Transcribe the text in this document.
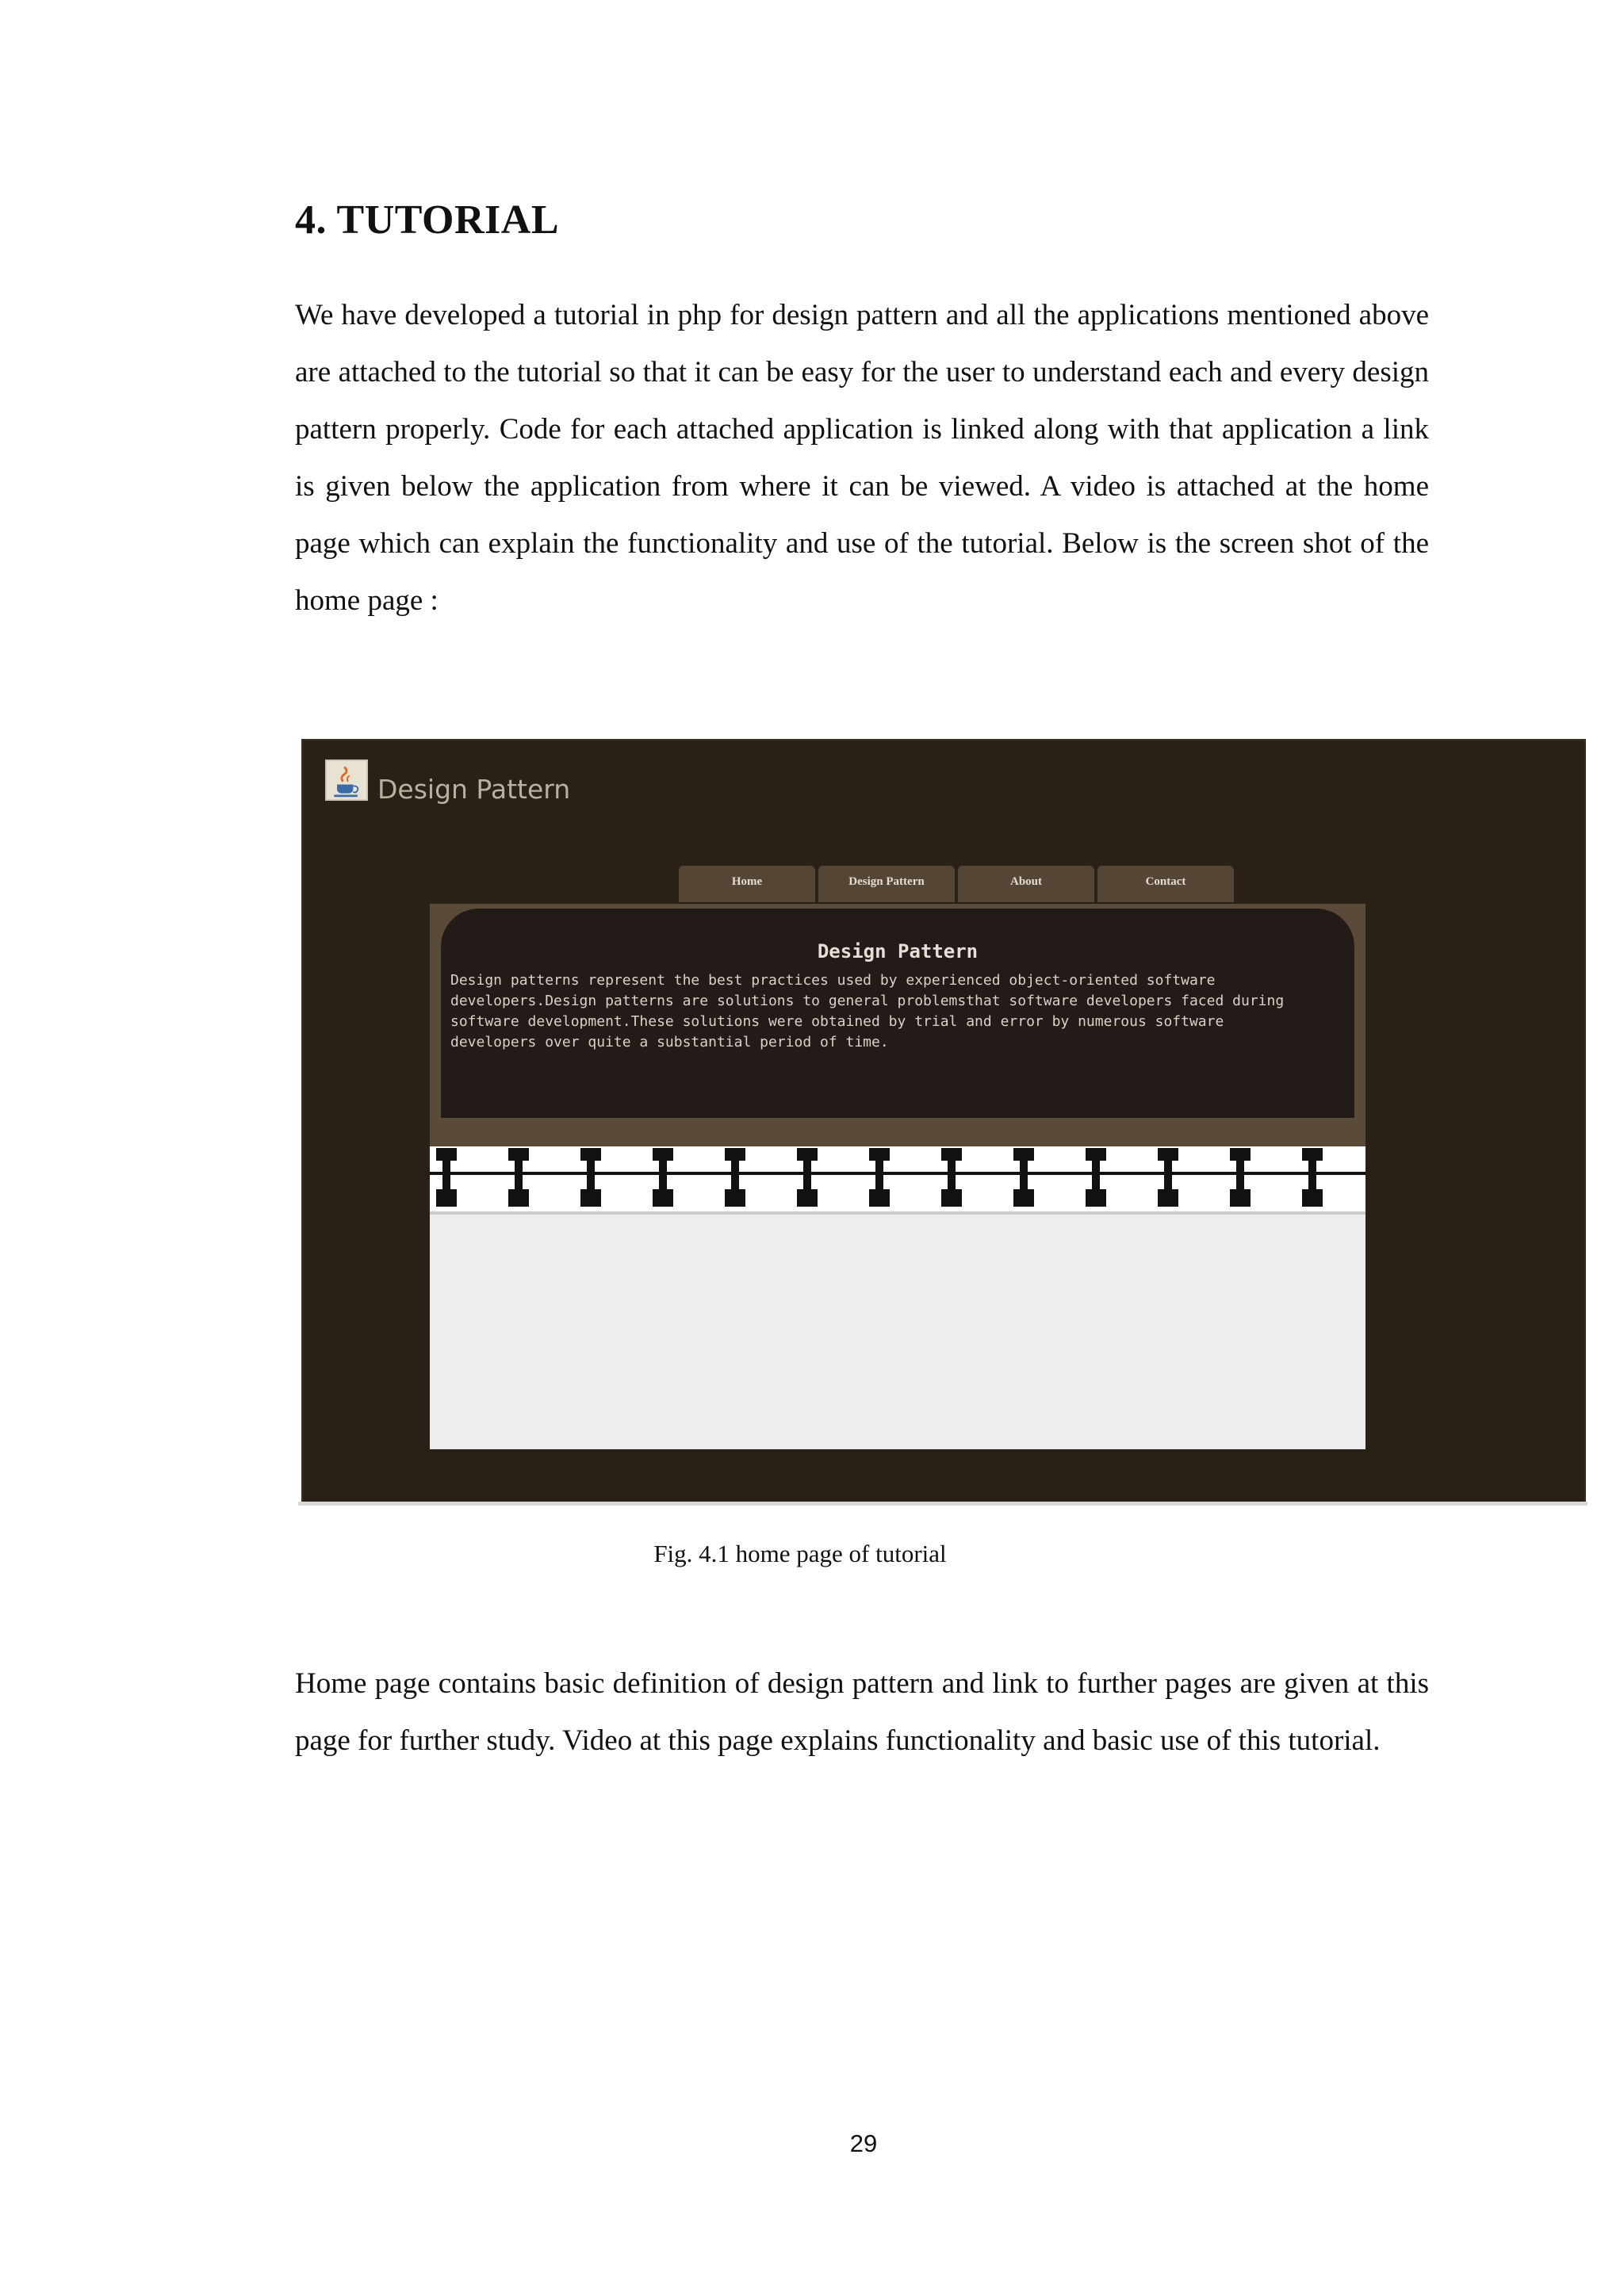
4. TUTORIAL

We have developed a tutorial in php for design pattern and all the applications mentioned above are attached to the tutorial so that it can be easy for the user to understand each and every design pattern properly. Code for each attached application is linked along with that application a link is given below the application from where it can be viewed. A video is attached at the home page which can explain the functionality and use of the tutorial. Below is the screen shot of the home page :

Design Pattern
Home	Design Pattern	About	Contact
Design Pattern

Design patterns represent the best practices used by experienced object-oriented software developers.Design patterns are solutions to general problemsthat software developers faced during software development.These solutions were obtained by trial and error by numerous software developers over quite a substantial period of time.

Fig. 4.1 home page of tutorial

Home page contains basic definition of design pattern and link to further pages are given at this page for further study. Video at this page explains functionality and basic use of this tutorial.

29
